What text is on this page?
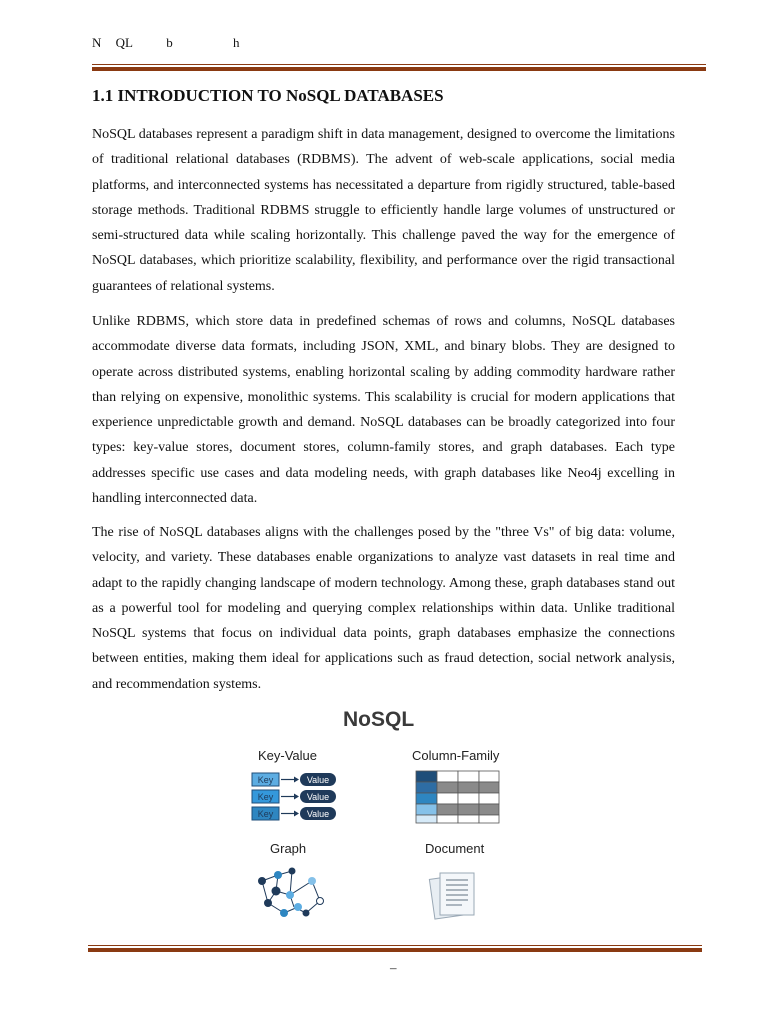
N QL	b	h
1.1 INTRODUCTION TO NoSQL DATABASES

NoSQL databases represent a paradigm shift in data management, designed to overcome the limitations of traditional relational databases (RDBMS). The advent of web-scale applications, social media platforms, and interconnected systems has necessitated a departure from rigidly structured, table-based storage methods. Traditional RDBMS struggle to efficiently handle large volumes of unstructured or semi-structured data while scaling horizontally. This challenge paved the way for the emergence of NoSQL databases, which prioritize scalability, flexibility, and performance over the rigid transactional guarantees of relational systems.

Unlike RDBMS, which store data in predefined schemas of rows and columns, NoSQL databases accommodate diverse data formats, including JSON, XML, and binary blobs. They are designed to operate across distributed systems, enabling horizontal scaling by adding commodity hardware rather than relying on expensive, monolithic systems. This scalability is crucial for modern applications that experience unpredictable growth and demand. NoSQL databases can be broadly categorized into four types: key-value stores, document stores, column-family stores, and graph databases. Each type addresses specific use cases and data modeling needs, with graph databases like Neo4j excelling in handling interconnected data.

The rise of NoSQL databases aligns with the challenges posed by the "three Vs" of big data: volume, velocity, and variety. These databases enable organizations to analyze vast datasets in real time and adapt to the rapidly changing landscape of modern technology. Among these, graph databases stand out as a powerful tool for modeling and querying complex relationships within data. Unlike traditional NoSQL systems that focus on individual data points, graph databases emphasize the connections between entities, making them ideal for applications such as fraud detection, social network analysis, and recommendation systems.

NoSQL
Key-Value	Column-Family
Graph	Document
Key	Value
Key	Value
Key	Value
–
